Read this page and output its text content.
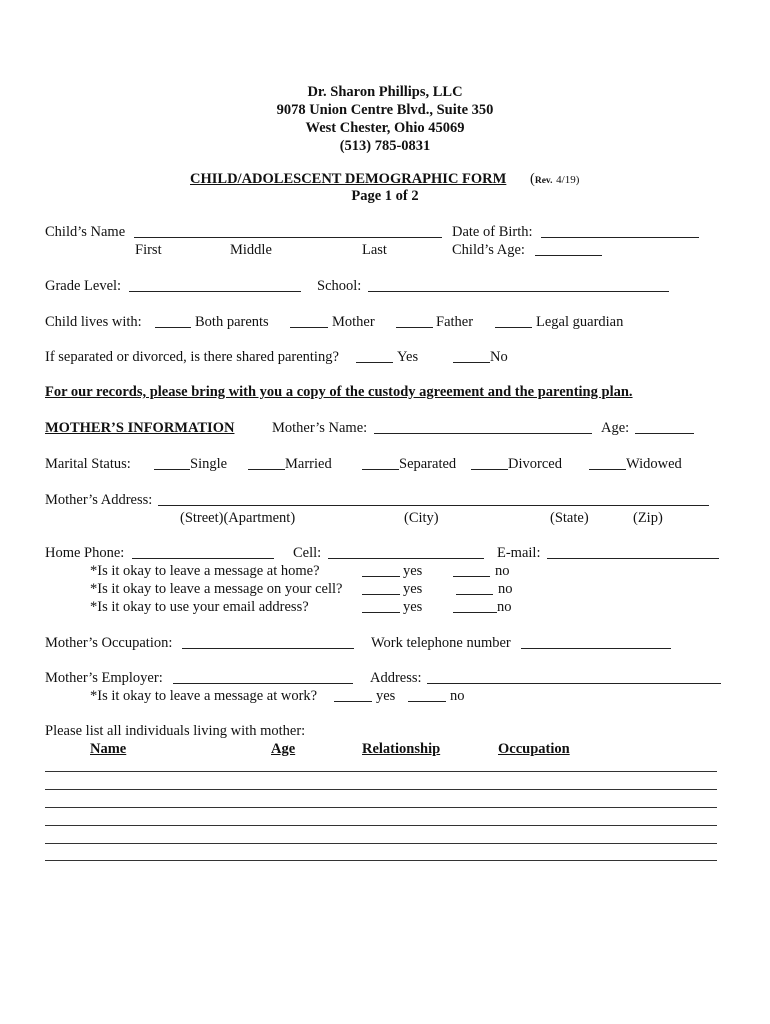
Dr. Sharon Phillips, LLC
9078 Union Centre Blvd., Suite 350
West Chester, Ohio 45069
(513) 785-0831
CHILD/ADOLESCENT DEMOGRAPHIC FORM (Rev. 4/19)
Page 1 of 2
Child’s Name	Date of Birth:
First	Middle	Last	Child’s Age:
Grade Level:	School:
Child lives with:	Both parents	Mother	Father	Legal guardian
If separated or divorced, is there shared parenting?	Yes	No
For our records, please bring with you a copy of the custody agreement and the parenting plan.
MOTHER’S INFORMATION	Mother’s Name:	Age:
Marital Status:	Single	Married	Separated	Divorced	Widowed
Mother’s Address:
(Street)(Apartment)	(City)	(State)	(Zip)
Home Phone:	Cell:	E-mail:
*Is it okay to leave a message at home?	yes	no
*Is it okay to leave a message on your cell?	yes	no
*Is it okay to use your email address?	yes	no
Mother’s Occupation:	Work telephone number
Mother’s Employer:	Address:
*Is it okay to leave a message at work?	yes	no
Please list all individuals living with mother:
Name	Age	Relationship	Occupation
